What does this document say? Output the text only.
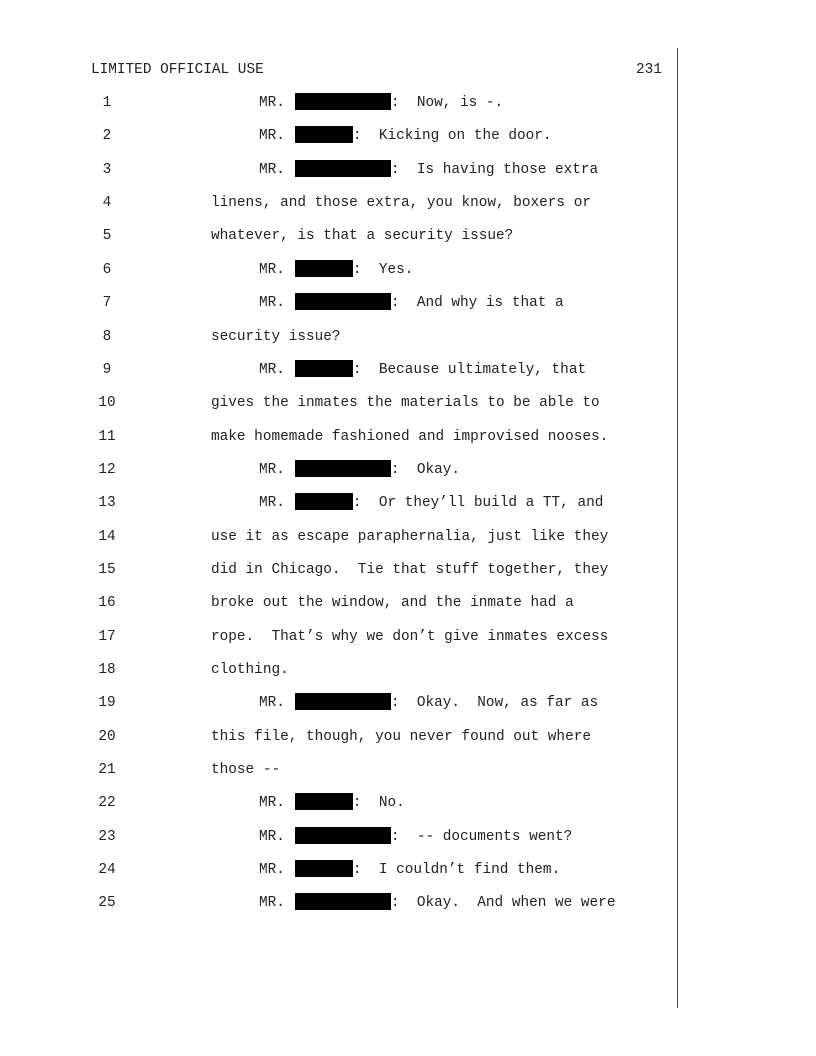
LIMITED OFFICIAL USE	231
1	MR.	:  Now, is -.
2	MR.	:  Kicking on the door.
3	MR.	:  Is having those extra
4	linens, and those extra, you know, boxers or
5	whatever, is that a security issue?
6	MR.	:  Yes.
7	MR.	:  And why is that a
8	security issue?
9	MR.	:  Because ultimately, that
10	gives the inmates the materials to be able to
11	make homemade fashioned and improvised nooses.
12	MR.	:  Okay.
13	MR.	:  Or they’ll build a TT, and
14	use it as escape paraphernalia, just like they
15	did in Chicago.  Tie that stuff together, they
16	broke out the window, and the inmate had a
17	rope.  That’s why we don’t give inmates excess
18	clothing.
19	MR.	:  Okay.  Now, as far as
20	this file, though, you never found out where
21	those --
22	MR.	:  No.
23	MR.	:  -- documents went?
24	MR.	:  I couldn’t find them.
25	MR.	:  Okay.  And when we were
